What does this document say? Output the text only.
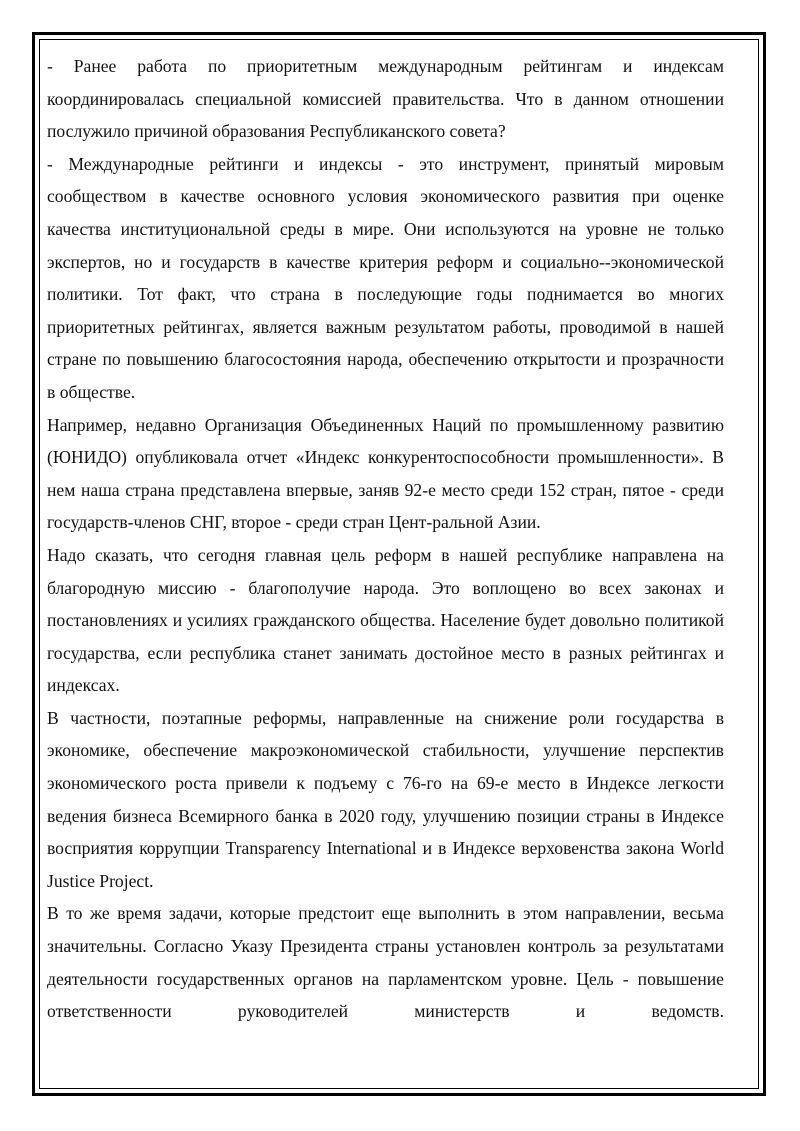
- Ранее работа по приоритетным международным рейтингам и индексам координировалась специальной комиссией правительства. Что в данном отношении послужило причиной образования Республиканского совета?

- Международные рейтинги и индексы - это инструмент, принятый мировым сообществом в качестве основного условия экономического развития при оценке качества институциональной среды в мире. Они используются на уровне не только экспертов, но и государств в качестве критерия реформ и социально--экономической политики. Тот факт, что страна в последующие годы поднимается во многих приоритетных рейтингах, является важным результатом работы, проводимой в нашей стране по повышению благосостояния народа, обеспечению открытости и прозрачности в обществе.

Например, недавно Организация Объединенных Наций по промышленному развитию (ЮНИДО) опубликовала отчет «Индекс конкурентоспособности промышленности». В нем наша страна представлена впервые, заняв 92-е место среди 152 стран, пятое - среди государств-членов СНГ, второе - среди стран Цент-ральной Азии.

Надо сказать, что сегодня главная цель реформ в нашей республике направлена на благородную миссию - благополучие народа. Это воплощено во всех законах и постановлениях и усилиях гражданского общества. Население будет довольно политикой государства, если республика станет занимать достойное место в разных рейтингах и индексах.

В частности, поэтапные реформы, направленные на снижение роли государства в экономике, обеспечение макроэкономической стабильности, улучшение перспектив экономического роста привели к подъему с 76-го на 69-е место в Индексе легкости ведения бизнеса Всемирного банка в 2020 году, улучшению позиции страны в Индексе восприятия коррупции Transparency International и в Индексе верховенства закона World Justice Project.

В то же время задачи, которые предстоит еще выполнить в этом направлении, весьма значительны. Согласно Указу Президента страны установлен контроль за результатами деятельности государственных органов на парламентском уровне. Цель - повышение ответственности руководителей министерств и ведомств.
